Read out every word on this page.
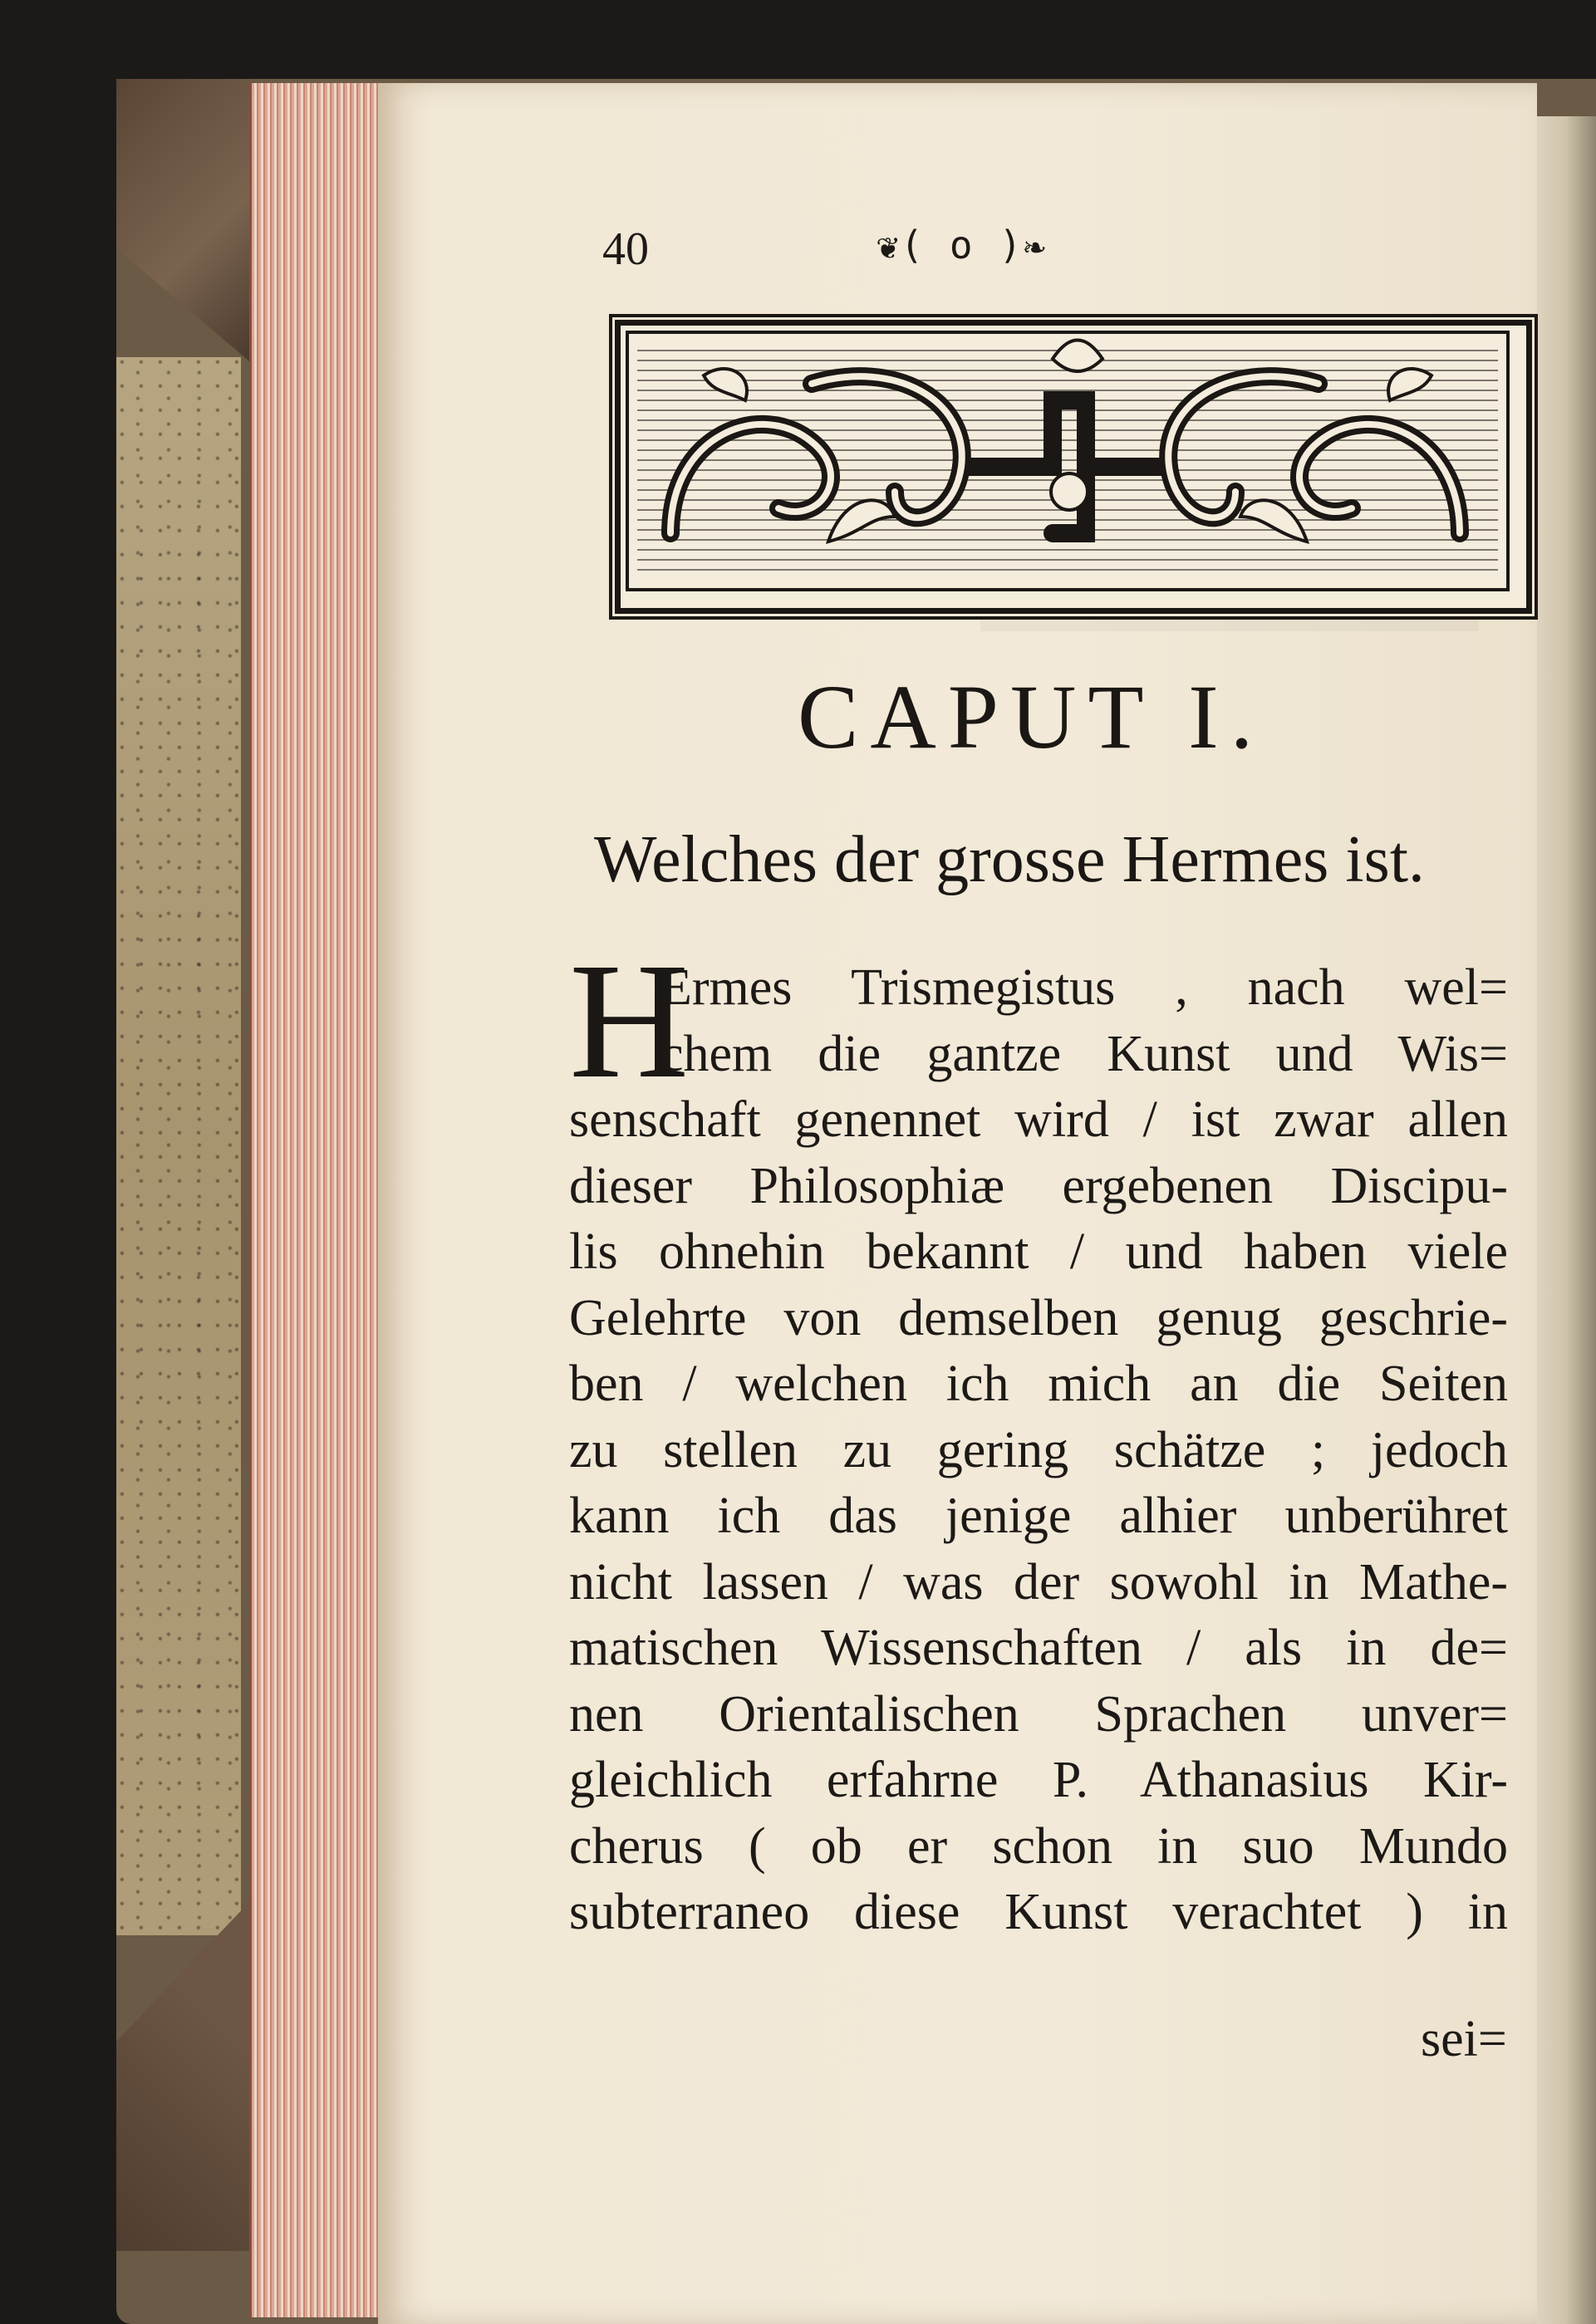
40	❦( o )❧
CAPUT I.
Welches der grosse Hermes ist.
H
Ermes Trismegistus , nach wel=
chem die gantze Kunst und Wis=
senschaft genennet wird / ist zwar allen
dieser Philosophiæ ergebenen Discipu-
lis ohnehin bekannt / und haben viele
Gelehrte von demselben genug geschrie-
ben / welchen ich mich an die Seiten
zu stellen zu gering schätze ; jedoch
kann ich das jenige alhier unberühret
nicht lassen / was der sowohl in Mathe-
matischen Wissenschaften / als in de=
nen Orientalischen Sprachen unver=
gleichlich erfahrne P. Athanasius Kir-
cherus ( ob er schon in suo Mundo
subterraneo diese Kunst verachtet ) in
sei=
